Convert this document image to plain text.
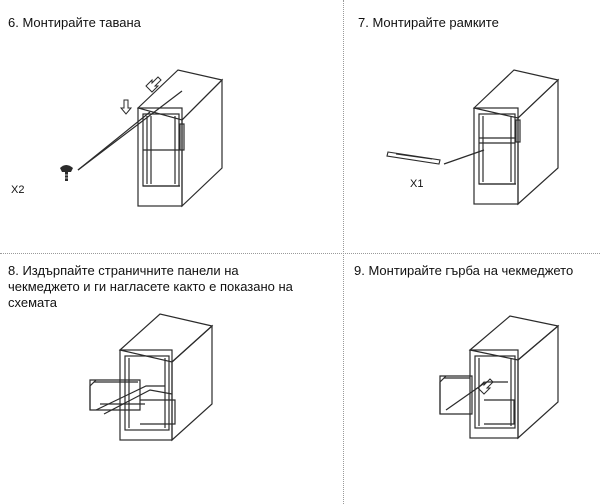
6. Монтирайте тавана
X2
7. Монтирайте рамките
X1
8. Издърпайте страничните панели на чекмеджето и ги нагласете както е показано на схемата
9. Монтирайте гърба на чекмеджето
